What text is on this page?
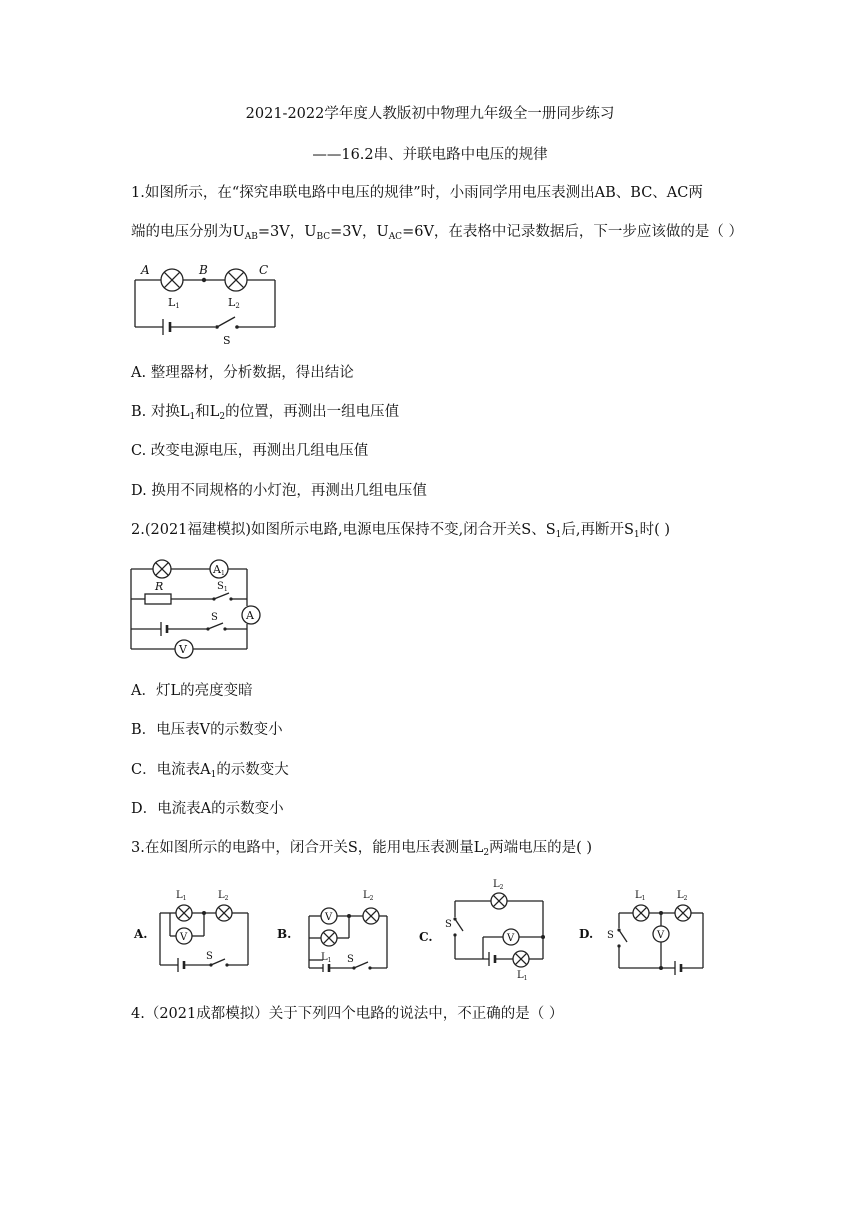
2021-2022学年度人教版初中物理九年级全一册同步练习
——16.2串、并联电路中电压的规律
1.如图所示，在“探究串联电路中电压的规律”时，小雨同学用电压表测出AB、BC、AC两
端的电压分别为$U_{AB}=3V$，$U_{BC}=3V$，$U_{AC}=6V$，在表格中记录数据后，下一步应该做的是（ ）
A	B	C
L1	L2
S
A. 整理器材，分析数据，得出结论
B. 对换$L_1$和$L_2$的位置，再测出一组电压值
C. 改变电源电压，再测出几组电压值
D. 换用不同规格的小灯泡，再测出几组电压值
2.(2021福建模拟)如图所示电路,电源电压保持不变,闭合开关S、$S_1$后,再断开$S_1$时( )
A 1
A
V
R	$S_1$
S
A．灯L的亮度变暗
B．电压表V的示数变小
C．电流表$A_1$的示数变大
D．电流表A的示数变小
3.在如图所示的电路中，闭合开关S，能用电压表测量$L_2$两端电压的是( )
A.
$L_1$	$L_2$
V
S
B.
$L_2$
V
$L_1$ S
C.
$L_2$
S
V
$L_1$
D.
$L_1$	$L_2$
S	V
4.（2021成都模拟）关于下列四个电路的说法中，不正确的是（ ）
